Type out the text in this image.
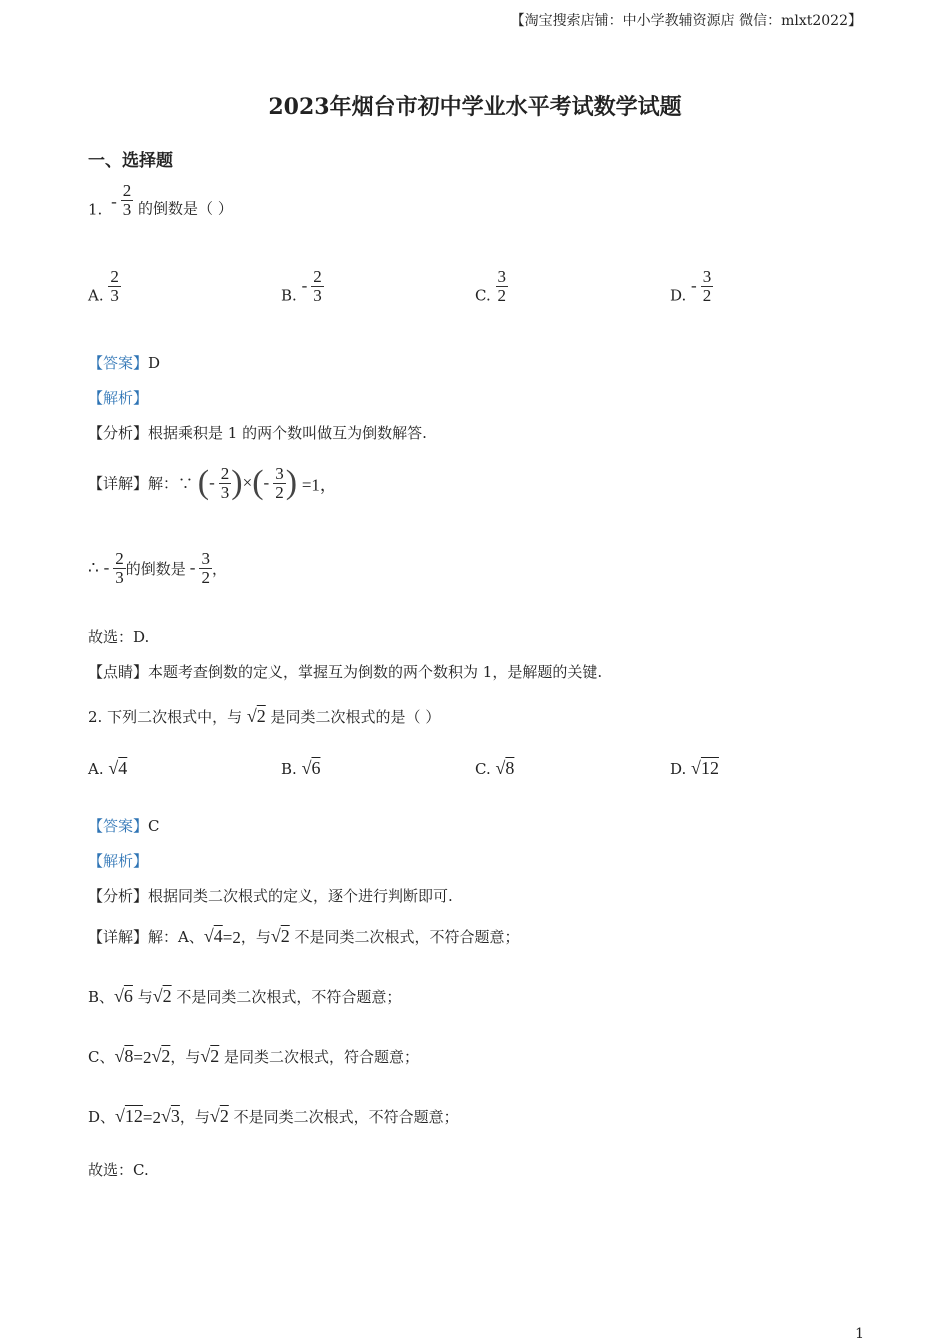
【淘宝搜索店铺：中小学教辅资源店 微信：mlxt2022】
2023年烟台市初中学业水平考试数学试题
一、选择题
1. - $\frac{2}{3}$ 的倒数是（ ）
A. $\frac{2}{3}$	B. - $\frac{2}{3}$	C. $\frac{3}{2}$	D. - $\frac{3}{2}$
【答案】D
【解析】
【分析】根据乘积是 1 的两个数叫做互为倒数解答.
【详解】解：∵ (- $\frac{2}{3}$ )×(- $\frac{3}{2}$ ) =1，
∴ - $\frac{2}{3}$ 的倒数是 - $\frac{3}{2}$ ，
故选：D.
【点睛】本题考查倒数的定义，掌握互为倒数的两个数积为 1，是解题的关键.
2. 下列二次根式中，与 √2 是同类二次根式的是（ ）
A. √4	B. √6	C. √8	D. √12
【答案】C
【解析】
【分析】根据同类二次根式的定义，逐个进行判断即可.
【详解】解：A、√4=2，与√2 不是同类二次根式，不符合题意；
B、√6 与√2 不是同类二次根式，不符合题意；
C、√8=2√2，与√2 是同类二次根式，符合题意；
D、√12=2√3，与√2 不是同类二次根式，不符合题意；
故选：C.
1
